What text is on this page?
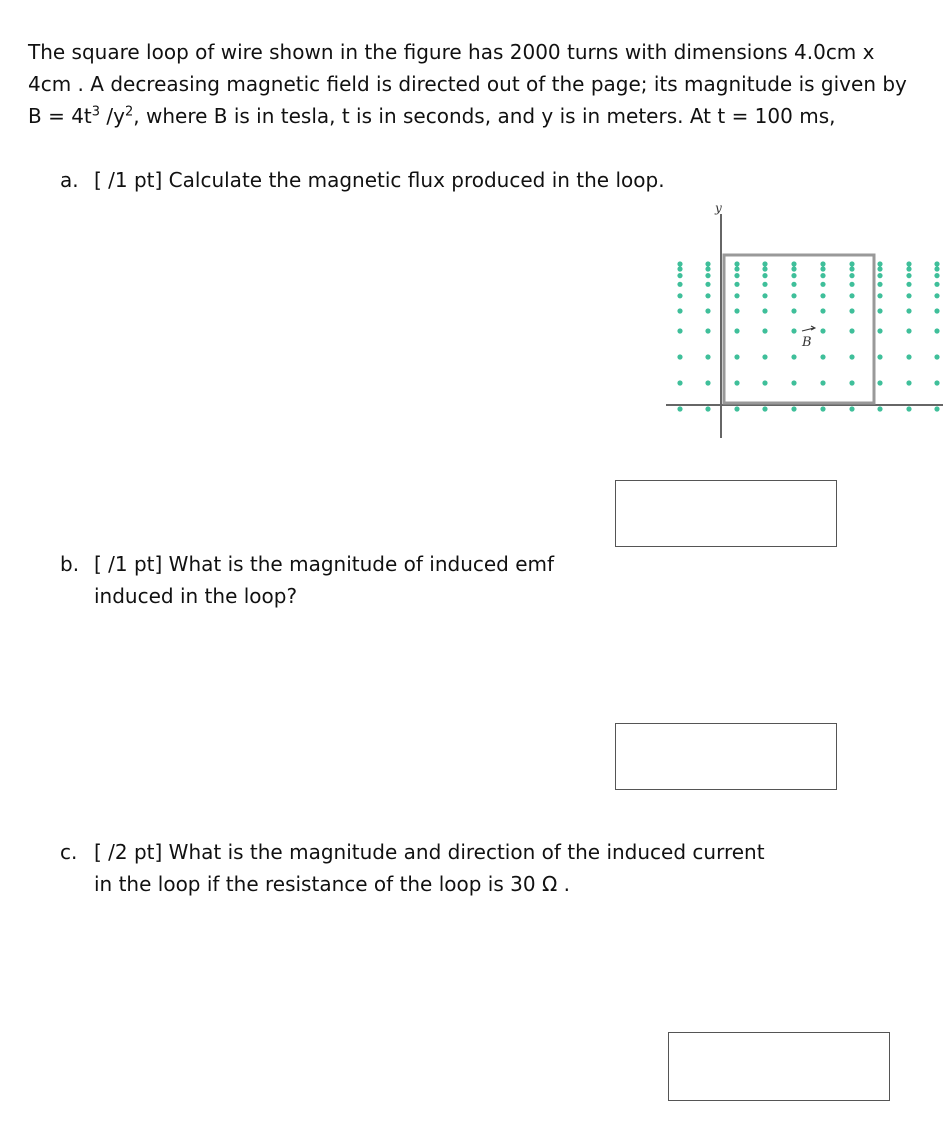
The square loop of wire shown in the figure has 2000 turns with dimensions 4.0cm x 4cm . A decreasing magnetic field is directed out of the page; its magnitude is given by $B = 4t^3$ $/y^2$, where B is in tesla, t is in seconds, and y is in meters. At t = 100 ms,

a. [ /1 pt] Calculate the magnetic flux produced in the loop.
y
B
b. [ /1 pt] What is the magnitude of induced emf
induced in the loop?
c. [ /2 pt] What is the magnitude and direction of the induced current
in the loop if the resistance of the loop is 30 Ω .
